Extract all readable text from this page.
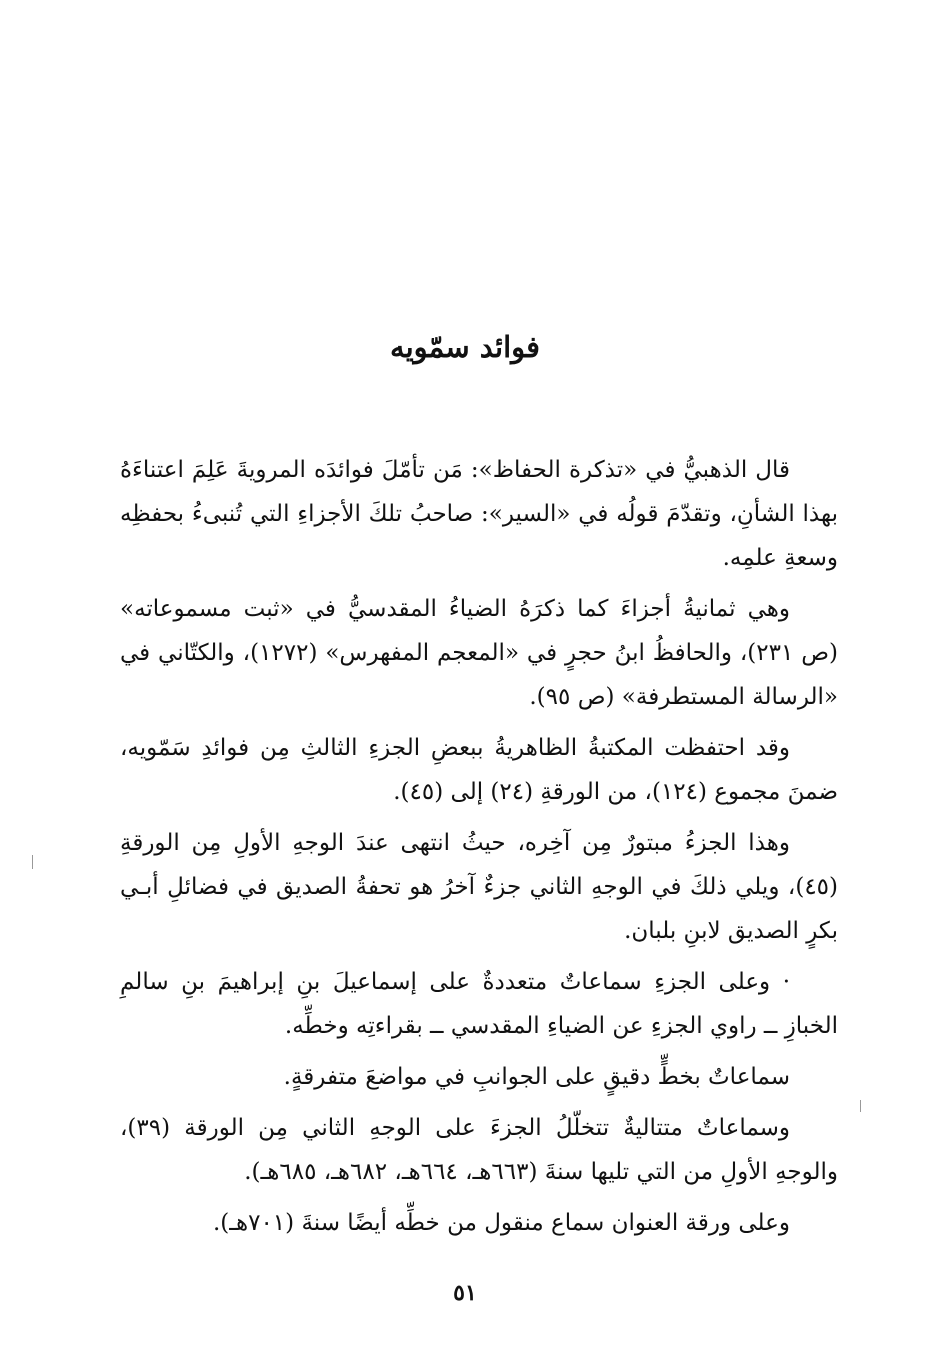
فوائد سمّويه

قال الذهبيُّ في «تذكرة الحفاظ»: مَن تأمّلَ فوائدَه المرويةَ عَلِمَ اعتناءَهُ بهذا الشأنِ، وتقدّمَ قولُه في «السير»: صاحبُ تلكَ الأجزاءِ التي تُنبىءُ بحفظِه وسعةِ علمِه.

وهي ثمانيةُ أجزاءَ كما ذكرَهُ الضياءُ المقدسيُّ في «ثبت مسموعاته» (ص ٢٣١)، والحافظُ ابنُ حجرٍ في «المعجم المفهرس» (١٢٧٢)، والكتّاني في «الرسالة المستطرفة» (ص ٩٥).

وقد احتفظت المكتبةُ الظاهريةُ ببعضِ الجزءِ الثالثِ مِن فوائدِ سَمّويه، ضمنَ مجموع (١٢٤)، من الورقةِ (٢٤) إلى (٤٥).

وهذا الجزءُ مبتورٌ مِن آخِره، حيثُ انتهى عندَ الوجهِ الأولِ مِن الورقةِ (٤٥)، ويلي ذلكَ في الوجهِ الثاني جزءٌ آخرُ هو تحفةُ الصديق في فضائلِ أبـي بكرٍ الصديق لابنِ بلبان.

· وعلى الجزءِ سماعاتٌ متعددةٌ على إسماعيلَ بنِ إبراهيمَ بنِ سالمِ الخبازِ ــ راوي الجزءِ عن الضياءِ المقدسي ــ بقراءتِه وخطِّه.

سماعاتٌ بخطٍّ دقيقٍ على الجوانبِ في مواضعَ متفرقةٍ.

وسماعاتٌ متتاليةٌ تتخلّلُ الجزءَ على الوجهِ الثاني مِن الورقة (٣٩)، والوجهِ الأولِ من التي تليها سنةَ (٦٦٣هـ، ٦٦٤هـ، ٦٨٢هـ، ٦٨٥هـ).

وعلى ورقة العنوان سماع منقول من خطِّه أيضًا سنةَ (٧٠١هـ).

٥١
